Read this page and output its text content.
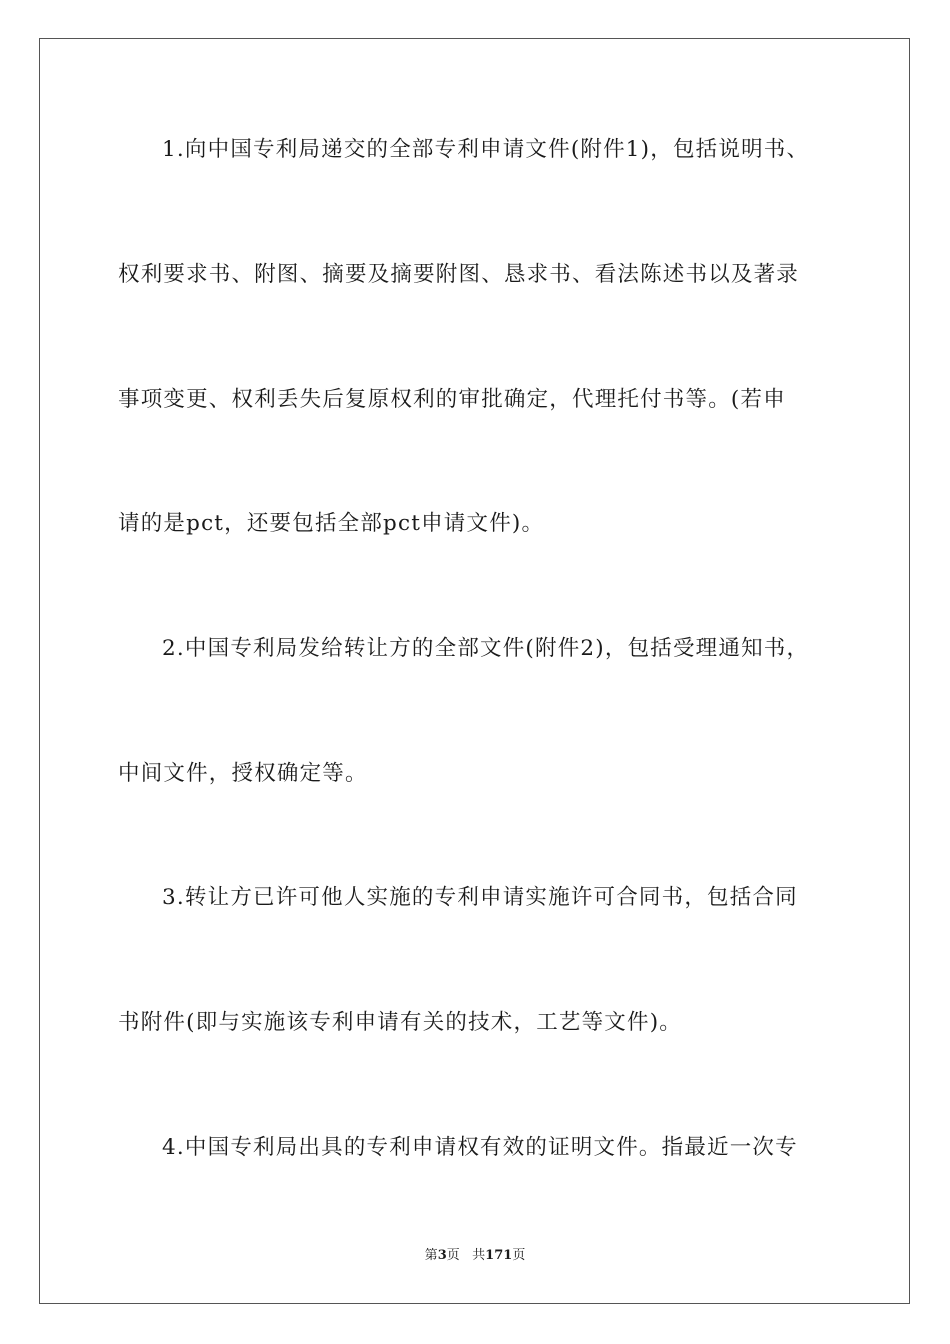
1.向中国专利局递交的全部专利申请文件(附件1)，包括说明书、
权利要求书、附图、摘要及摘要附图、恳求书、看法陈述书以及著录
事项变更、权利丢失后复原权利的审批确定，代理托付书等。(若申
请的是pct，还要包括全部pct申请文件)。
2.中国专利局发给转让方的全部文件(附件2)，包括受理通知书，
中间文件，授权确定等。
3.转让方已许可他人实施的专利申请实施许可合同书，包括合同
书附件(即与实施该专利申请有关的技术，工艺等文件)。
4.中国专利局出具的专利申请权有效的证明文件。指最近一次专
第3页 共171页
